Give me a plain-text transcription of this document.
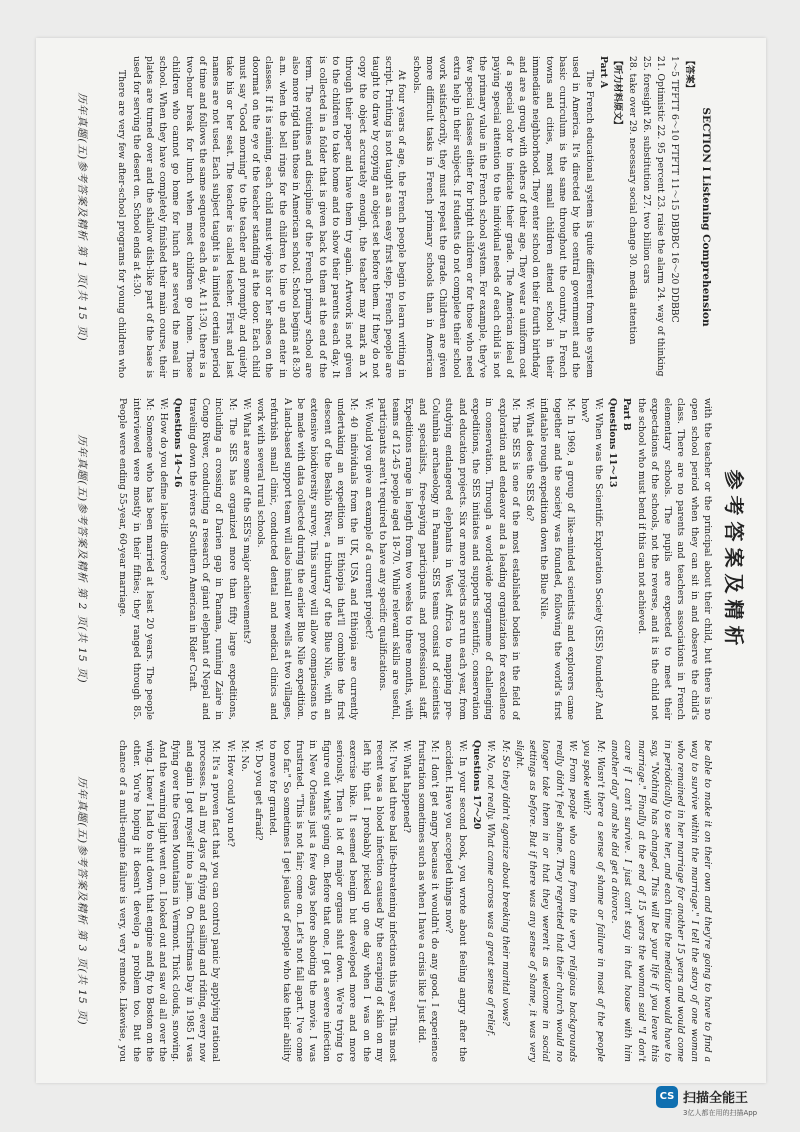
参考答案及精析
SECTION I Listening Comprehension

【答案】

1～5 TFFTT 6～10 FTFTT 11～15 DBDBC 16～20 DDBBC

21. Optimistic 22. 95 percent 23. raise the alarm 24. way of thinking

25. foresight 26. substitution 27. two billion cars

28. take over 29. necessary social change 30. media attention

【听力材料原文】

Part A

The French educational system is quite different from the system used in America. It's directed by the central government and the basic curriculum is the same throughout the country. In French towns and cities, most small children attend school in their immediate neighborhood. They enter school on their fourth birthday and are a group with others of their age. They wear a uniform coat of a special color to indicate their grade. The American ideal of paying special attention to the individual needs of each child is not the primary value in the French school system. For example, they've few special classes either for bright children or for those who need extra help in their subjects. If students do not complete their school work satisfactorily, they must repeat the grade. Children are given more difficult tasks in French primary schools than in American schools.

At four years of age, the French people begin to learn writing in script. Printing is not taught as an easy first step. French people are taught to draw by copying an object set before them. If they do not copy the object accurately enough, the teacher may mark an X through their paper and have them try again. Artwork is not given to the children to take home and to show their parents each day. It is collected in a folder that is given back to them at the end of the term. The routines and discipline of the French primary school are also more rigid than those in American school. School begins at 8:30 a.m. when the bell rings for the children to line up and enter in classes. If it is raining, each child must wipe his or her shoes on the doormat on the eye of the teacher standing at the door. Each child must say "Good morning" to the teacher and promptly and quietly take his or her seat. The teacher is called teacher. First and last names are not used. Each subject taught is a limited certain period of time and follows the same sequence each day. At 11:30, there is a two-hour break for lunch when most children go home. Those children who cannot go home for lunch are served the meal in school. When they have completely finished their main course, their plates are turned over and the shallow dish-like part of the base is used for serving the desert on. School ends at 4:30.

There are very few after-school programs for young children who

with the teacher or the principal about their child, but there is no open school period when they can sit in and observe the child's class. There are no parents and teachers associations in French elementary schools. The pupils are expected to meet their expectations of the schools, not the reverse, and it is the child not the school who must bend if this can not achieved.

Part B

Questions 11～13

W: When was the Scientific Exploration Society (SES) founded? And how?

M: In 1969, a group of like-minded scientists and explorers came together and the society was founded, following the world's first inflatable rough expedition down the Blue Nile.

W: What does the SES do?

M: The SES is one of the most established bodies in the field of exploration and endeavor and a leading organization for excellence in conservation. Through a world-wide programme of challenging expeditions, the SES initiates and supports scientific, conservation and education projects. Six or more projects are run each year, from studying endangered elephants in West Africa to mapping pre-Columbia archaeology in Panama. SES teams consist of scientists and specialists, free-paying participants and professional staff. Expeditions range in length from two weeks to three months, with teams of 12-45 people aged 18-70. While relevant skills are useful, participants aren't required to have any specific qualifications.

W: Would you give an example of a current project?

M: 40 individuals from the UK, USA and Ethiopia are currently undertaking an expedition in Ethiopia that'll combine the first descent of the Beshilo River, a tributary of the Blue Nile, with an extensive biodiversity survey. This survey will allow comparisons to be made with data collected during the earlier Blue Nile expedition. A land-based support team will also install new wells at two villages, refurbish small clinic, conducted dental and medical clinics and work with several rural schools.

W: What are some of the SES's major achievements?

M: The SES has organized more than fifty large expeditions, including a crossing of Darien gap in Panama, running Zaire in Congo River, conducting a research of giant elephant of Nepal and traveling down the rivers of Southern American in Rider Craft.

Questions 14～16

W: How do you define late-life divorce?

M: Someone who has been married at least 20 years. The people interviewed were mostly in their fifties; they ranged through 85. People were ending 55-year, 60-year marriage.

be able to make it on their own and they're going to have to find a way to survive within the marriage." I tell the story of one woman who remained in her marriage for another 15 years and would come in periodically to see her, and each time the mediator would have to say, "Nothing has changed. This will be your life if you leave this marriage." Finally at the end of 15 years the woman said "I don't care if I can't survive. I just can't stay in that house with him another day" and she did get a divorce.

M: Wasn't there a sense of shame or failure in most of the people you spoke with?

W: From people who came from the very religious backgrounds really didn't feel shame. They regretted that their church would no longer take them in or that they weren't as welcome in social settings as before. But if there was any sense of shame, it was very slight.

M: So they didn't agonize about breaking their marital vows?

W: No, not really. What came across was a great sense of relief.

Questions 17～20

W: In your second book, you wrote about feeling angry after the accident. Have you accepted things now?

M: I don't get angry because it wouldn't do any good. I experience frustration sometimes such as when I have a crisis like I just did.

W: What happened?

M: I've had three bad life-threatening infections this year. This most recent was a blood infection caused by the scraping of skin on my left hip that I probably picked up one day when I was on the exercise bike. It seemed benign but developed more and more seriously. Then a lot of major organs shut down. We're trying to figure out what's going on. Before that one, I got a severe infection in New Orleans just a few days before shooting the movie. I was frustrated. "This is not fair; come on. Let's not fall apart. I've come too far." So sometimes I get jealous of people who take their ability to move for granted.

W: Do you get afraid?

M: No.

W: How could you not?

M: It's a proven fact that you can control panic by applying rational processes. In all my days of flying and sailing and riding, every now and again I got myself into a jam. On Christmas Day in 1985 I was flying over the Green Mountains in Vermont. Thick clouds, snowing. And the warning light went on. I looked out and saw oil all over the wing. I knew I had to shut down that engine and fly to Boston on the other. You're hoping it doesn't develop a problem too. But the chance of a multi-engine failure is very, very remote. Likewise, you

历年真题(五)参考答案及精析 第 1 页(共 15 页)
历年真题(五)参考答案及精析 第 2 页(共 15 页)
历年真题(五)参考答案及精析 第 3 页(共 15 页)
CS 扫描全能王
3亿人都在用的扫描App
